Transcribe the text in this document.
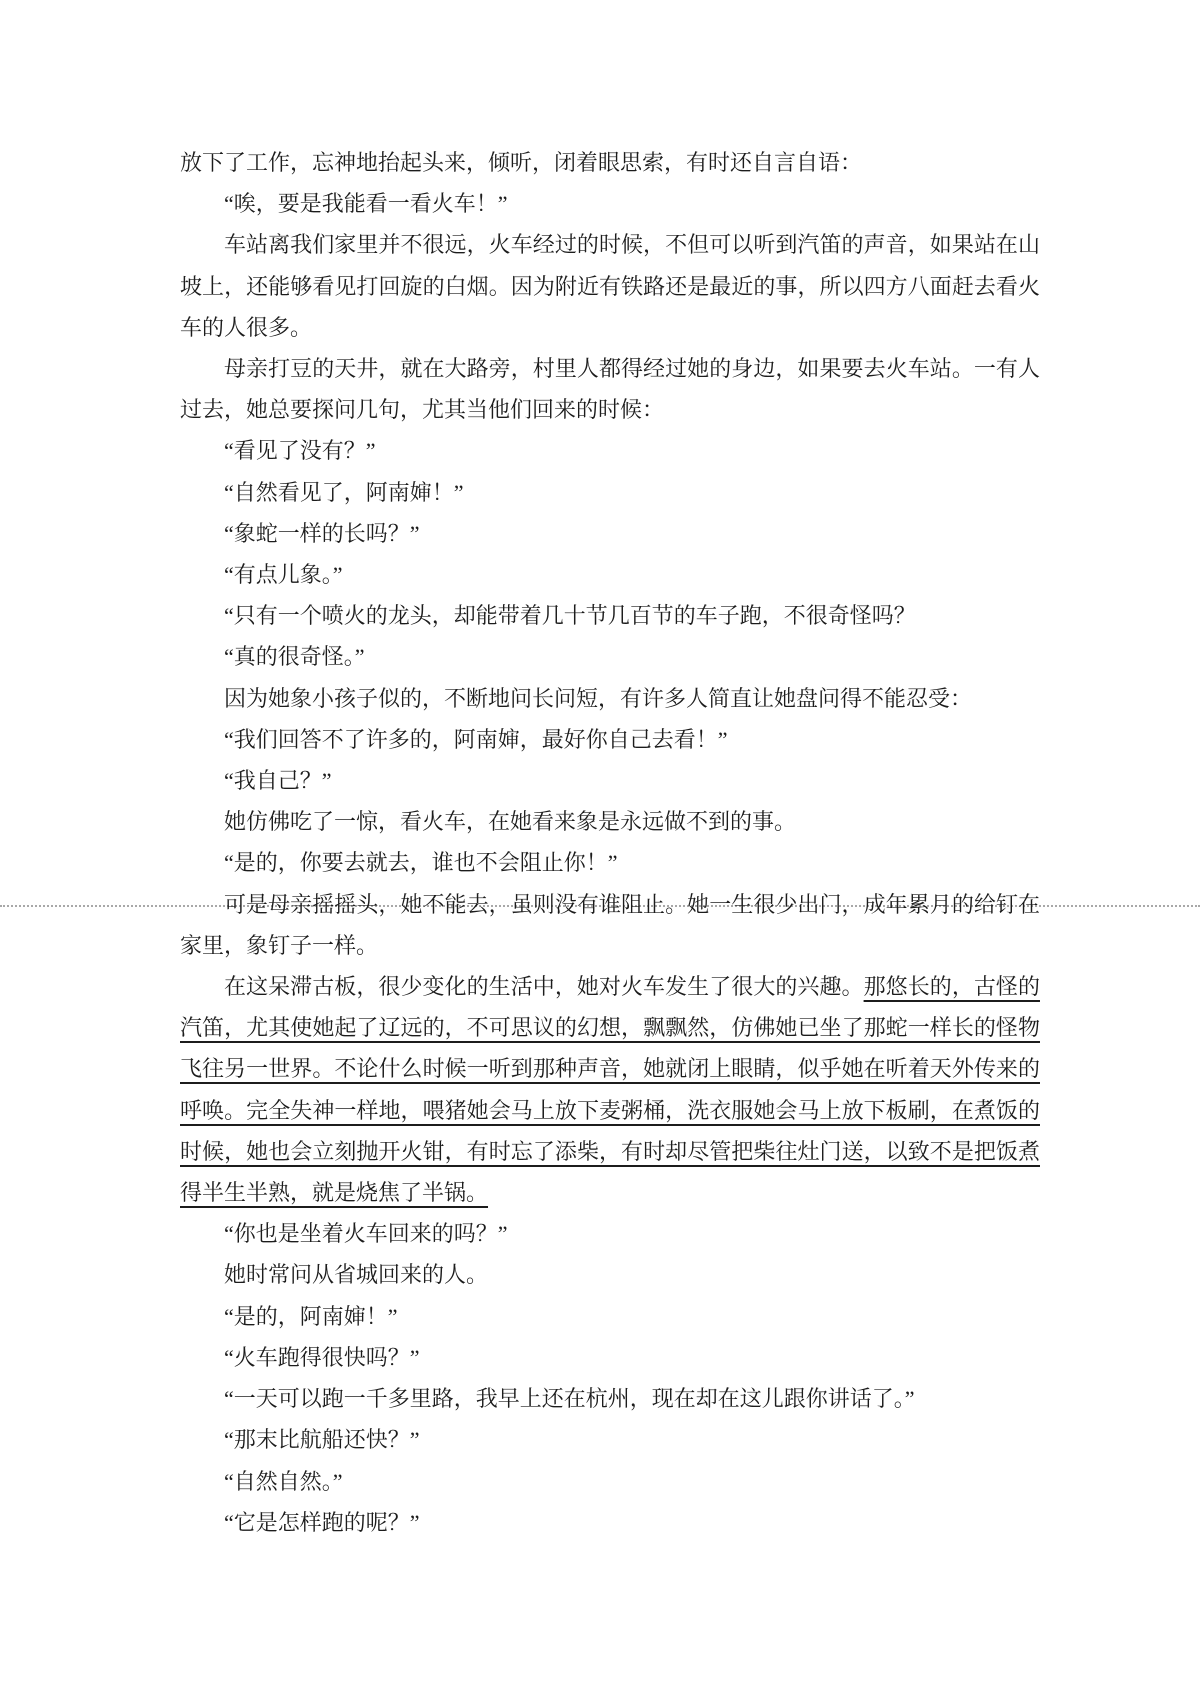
放下了工作，忘神地抬起头来，倾听，闭着眼思索，有时还自言自语：

“唉，要是我能看一看火车！”

车站离我们家里并不很远，火车经过的时候，不但可以听到汽笛的声音，如果站在山坡上，还能够看见打回旋的白烟。因为附近有铁路还是最近的事，所以四方八面赶去看火车的人很多。

母亲打豆的天井，就在大路旁，村里人都得经过她的身边，如果要去火车站。一有人过去，她总要探问几句，尤其当他们回来的时候：

“看见了没有？”

“自然看见了，阿南婶！”

“象蛇一样的长吗？”

“有点儿象。”

“只有一个喷火的龙头，却能带着几十节几百节的车子跑，不很奇怪吗？

“真的很奇怪。”

因为她象小孩子似的，不断地问长问短，有许多人简直让她盘问得不能忍受：

“我们回答不了许多的，阿南婶，最好你自己去看！”

“我自己？”

她仿佛吃了一惊，看火车，在她看来象是永远做不到的事。

“是的，你要去就去，谁也不会阻止你！”

可是母亲摇摇头，她不能去，虽则没有谁阻止。她一生很少出门，成年累月的给钉在家里，象钉子一样。

在这呆滞古板，很少变化的生活中，她对火车发生了很大的兴趣。那悠长的，古怪的汽笛，尤其使她起了辽远的，不可思议的幻想，飘飘然，仿佛她已坐了那蛇一样长的怪物飞往另一世界。不论什么时候一听到那种声音，她就闭上眼睛，似乎她在听着天外传来的呼唤。完全失神一样地，喂猪她会马上放下麦粥桶，洗衣服她会马上放下板刷，在煮饭的时候，她也会立刻抛开火钳，有时忘了添柴，有时却尽管把柴往灶门送，以致不是把饭煮得半生半熟，就是烧焦了半锅。

“你也是坐着火车回来的吗？”

她时常问从省城回来的人。

“是的，阿南婶！”

“火车跑得很快吗？”

“一天可以跑一千多里路，我早上还在杭州，现在却在这儿跟你讲话了。”

“那末比航船还快？”

“自然自然。”

“它是怎样跑的呢？”
